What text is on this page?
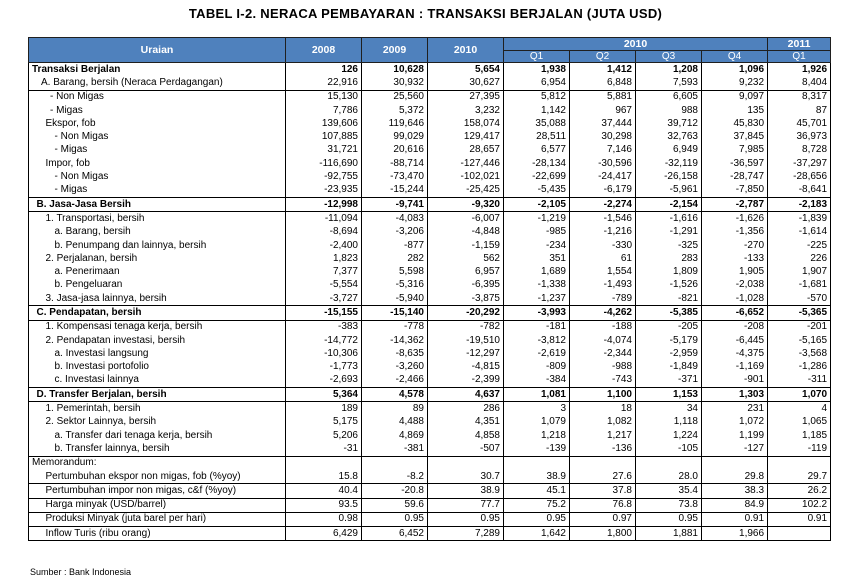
TABEL I-2. NERACA PEMBAYARAN : TRANSAKSI BERJALAN (JUTA USD)
Uraian	2008	2009	2010	2010				2011
				Q1	Q2	Q3	Q4	Q1
Transaksi Berjalan	126	10,628	5,654	1,938	1,412	1,208	1,096	1,926
A. Barang, bersih (Neraca Perdagangan)	22,916	30,932	30,627	6,954	6,848	7,593	9,232	8,404
- Non Migas	15,130	25,560	27,395	5,812	5,881	6,605	9,097	8,317
- Migas	7,786	5,372	3,232	1,142	967	988	135	87
Ekspor, fob	139,606	119,646	158,074	35,088	37,444	39,712	45,830	45,701
- Non Migas	107,885	99,029	129,417	28,511	30,298	32,763	37,845	36,973
- Migas	31,721	20,616	28,657	6,577	7,146	6,949	7,985	8,728
Impor, fob	-116,690	-88,714	-127,446	-28,134	-30,596	-32,119	-36,597	-37,297
- Non Migas	-92,755	-73,470	-102,021	-22,699	-24,417	-26,158	-28,747	-28,656
- Migas	-23,935	-15,244	-25,425	-5,435	-6,179	-5,961	-7,850	-8,641
B. Jasa-Jasa Bersih	-12,998	-9,741	-9,320	-2,105	-2,274	-2,154	-2,787	-2,183
1. Transportasi, bersih	-11,094	-4,083	-6,007	-1,219	-1,546	-1,616	-1,626	-1,839
a. Barang, bersih	-8,694	-3,206	-4,848	-985	-1,216	-1,291	-1,356	-1,614
b. Penumpang dan lainnya, bersih	-2,400	-877	-1,159	-234	-330	-325	-270	-225
2. Perjalanan, bersih	1,823	282	562	351	61	283	-133	226
a. Penerimaan	7,377	5,598	6,957	1,689	1,554	1,809	1,905	1,907
b. Pengeluaran	-5,554	-5,316	-6,395	-1,338	-1,493	-1,526	-2,038	-1,681
3. Jasa-jasa lainnya, bersih	-3,727	-5,940	-3,875	-1,237	-789	-821	-1,028	-570
C. Pendapatan, bersih	-15,155	-15,140	-20,292	-3,993	-4,262	-5,385	-6,652	-5,365
1. Kompensasi tenaga kerja, bersih	-383	-778	-782	-181	-188	-205	-208	-201
2. Pendapatan investasi, bersih	-14,772	-14,362	-19,510	-3,812	-4,074	-5,179	-6,445	-5,165
a. Investasi langsung	-10,306	-8,635	-12,297	-2,619	-2,344	-2,959	-4,375	-3,568
b. Investasi portofolio	-1,773	-3,260	-4,815	-809	-988	-1,849	-1,169	-1,286
c. Investasi lainnya	-2,693	-2,466	-2,399	-384	-743	-371	-901	-311
D. Transfer Berjalan, bersih	5,364	4,578	4,637	1,081	1,100	1,153	1,303	1,070
1. Pemerintah, bersih	189	89	286	3	18	34	231	4
2. Sektor Lainnya, bersih	5,175	4,488	4,351	1,079	1,082	1,118	1,072	1,065
a. Transfer dari tenaga kerja, bersih	5,206	4,869	4,858	1,218	1,217	1,224	1,199	1,185
b. Transfer lainnya, bersih	-31	-381	-507	-139	-136	-105	-127	-119
Memorandum:								
Pertumbuhan ekspor non migas, fob (%yoy)	15.8	-8.2	30.7	38.9	27.6	28.0	29.8	29.7
Pertumbuhan impor non migas, c&f (%yoy)	40.4	-20.8	38.9	45.1	37.8	35.4	38.3	26.2
Harga minyak (USD/barrel)	93.5	59.6	77.7	75.2	76.8	73.8	84.9	102.2
Produksi Minyak (juta barel per hari)	0.98	0.95	0.95	0.95	0.97	0.95	0.91	0.91
Inflow Turis (ribu orang)	6,429	6,452	7,289	1,642	1,800	1,881	1,966	
Sumber : Bank Indonesia
